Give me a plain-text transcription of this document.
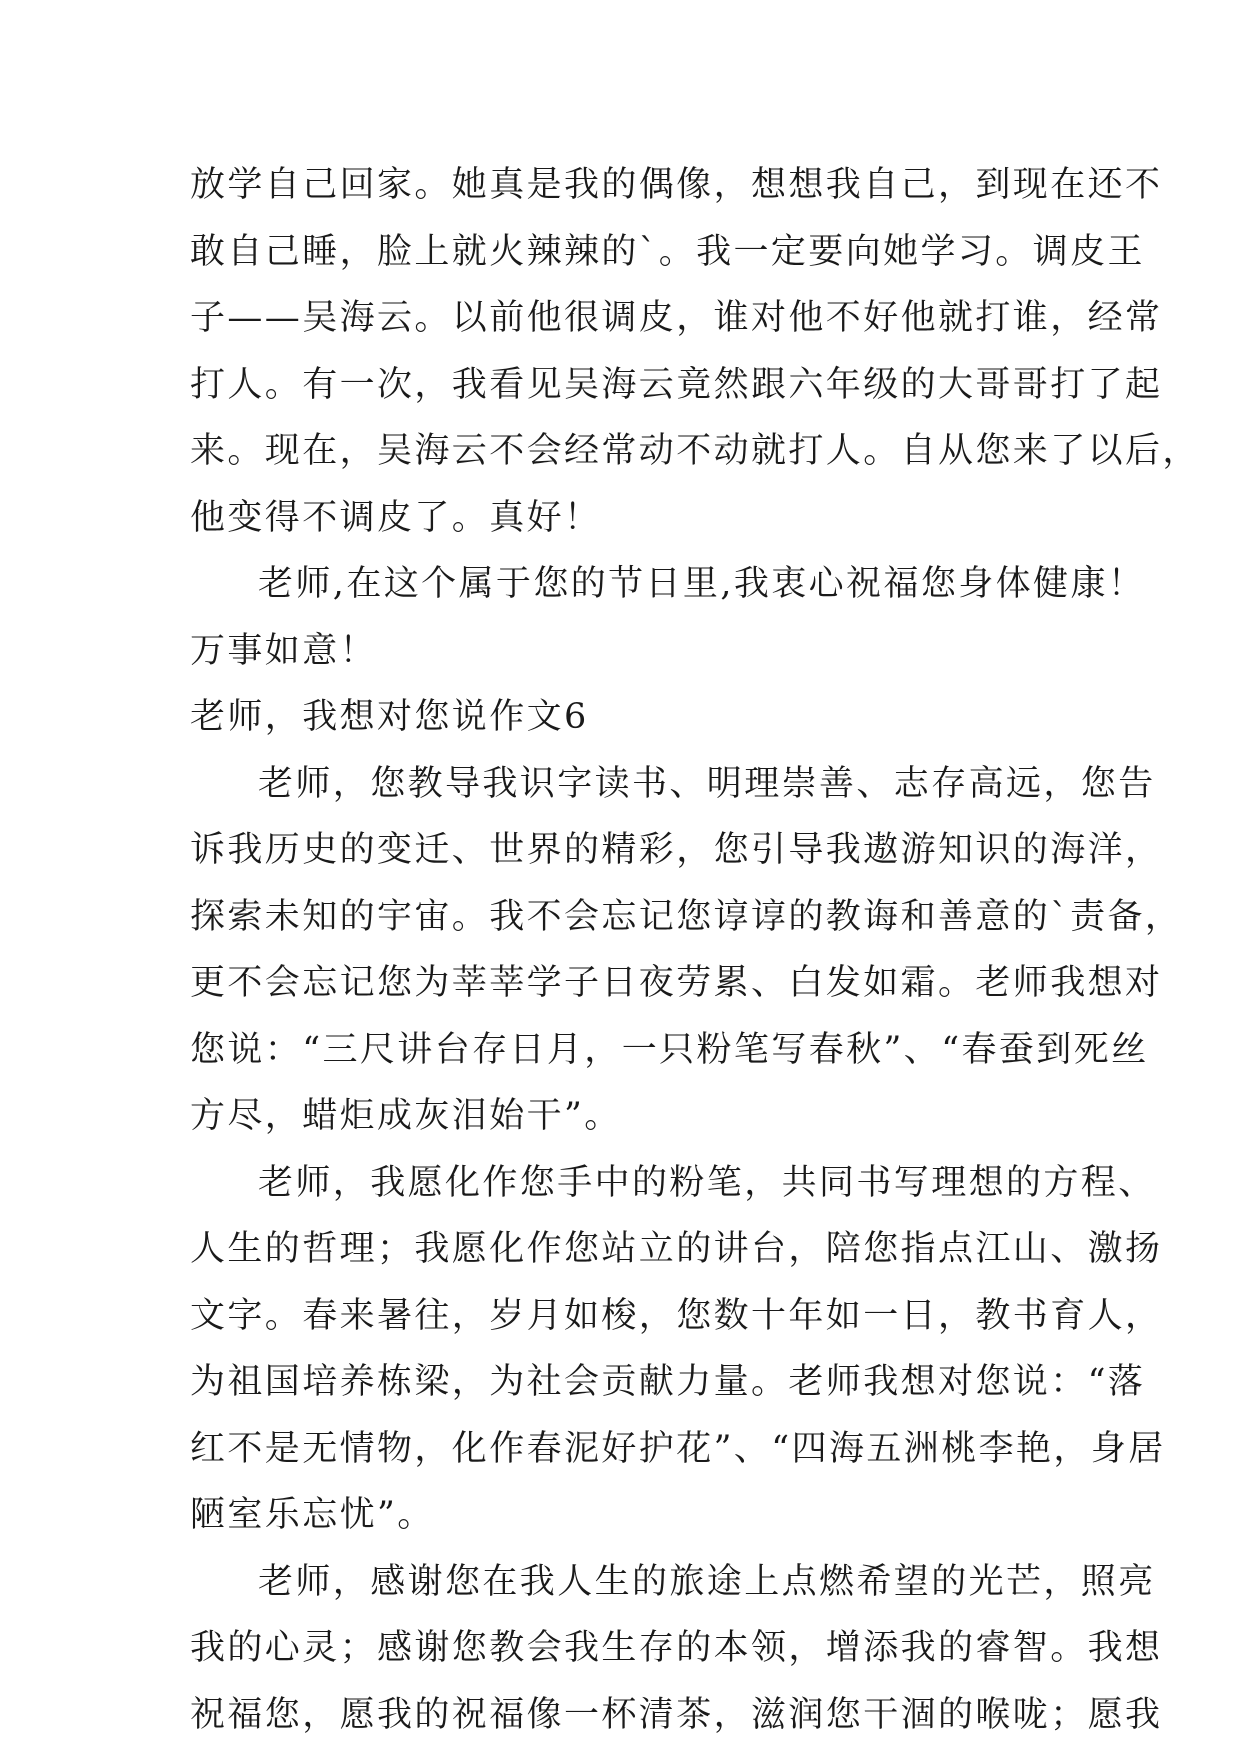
放学自己回家。她真是我的偶像，想想我自己，到现在还不
敢自己睡，脸上就火辣辣的`。我一定要向她学习。调皮王
子——吴海云。以前他很调皮，谁对他不好他就打谁，经常
打人。有一次，我看见吴海云竟然跟六年级的大哥哥打了起
来。现在，吴海云不会经常动不动就打人。自从您来了以后，
他变得不调皮了。真好！
老师,在这个属于您的节日里,我衷心祝福您身体健康！
万事如意！
老师，我想对您说作文6
老师，您教导我识字读书、明理崇善、志存高远，您告
诉我历史的变迁、世界的精彩，您引导我遨游知识的海洋，
探索未知的宇宙。我不会忘记您谆谆的教诲和善意的`责备，
更不会忘记您为莘莘学子日夜劳累、白发如霜。老师我想对
您说：“三尺讲台存日月，一只粉笔写春秋”、“春蚕到死丝
方尽，蜡炬成灰泪始干”。
老师，我愿化作您手中的粉笔，共同书写理想的方程、
人生的哲理；我愿化作您站立的讲台，陪您指点江山、激扬
文字。春来暑往，岁月如梭，您数十年如一日，教书育人，
为祖国培养栋梁，为社会贡献力量。老师我想对您说：“落
红不是无情物，化作春泥好护花”、“四海五洲桃李艳，身居
陋室乐忘忧”。
老师，感谢您在我人生的旅途上点燃希望的光芒，照亮
我的心灵；感谢您教会我生存的本领，增添我的睿智。我想
祝福您，愿我的祝福像一杯清茶，滋润您干涸的喉咙；愿我
